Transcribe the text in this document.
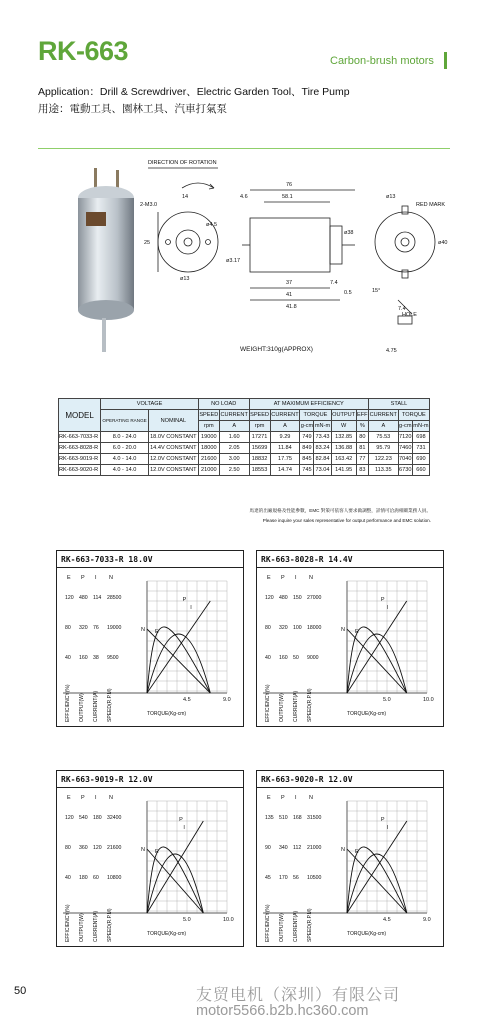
RK-663	Carbon-brush motors
Application：Drill & Screwdriver、Electric Garden Tool、Tire Pump
用途：電動工具、園林工具、汽車打氣泵
DIRECTION OF ROTATION
2-M3.0
14
ø4.5
25
ø13
76
58.1
4.6
ø3.17
37	7.4
41
41.8
ø38
0.5
ø13
RED MARK
ø40
15°
7.4
HOLE
4.75
WEIGHT:310g(APPROX)
MODEL	VOLTAGE		NO LOAD		AT MAXIMUM EFFICIENCY						STALL		
	OPERATING RANGE	NOMINAL	SPEED	CURRENT	SPEED	CURRENT	TORQUE		OUTPUT	EFF	CURRENT	TORQUE	
			rpm	A	rpm	A	g-cm	mN-m	W	%	A	g-cm	mN-m
RK-663-7033-R	8.0 - 24.0	18.0V CONSTANT	19000	1.60	17271	9.29	749	73.43	132.85	80	75.53	7120	698
RK-663-8028-R	6.0 - 20.0	14.4V CONSTANT	18000	2.05	15699	11.84	849	83.24	136.88	81	95.79	7460	731
RK-663-9019-R	4.0 - 14.0	12.0V CONSTANT	21600	3.00	18832	17.75	845	82.84	163.42	77	122.23	7040	690
RK-663-9020-R	4.0 - 14.0	12.0V CONSTANT	21000	2.50	18553	14.74	745	73.04	141.95	83	113.35	6730	660
馬達的出廠規格及性能參數，EMC 對策可依客人要求做調整，詳情可洽詢相關業務人員。
Please inquire your sales representative for output performance and EMC solution.
RK-663-7033-R 18.0V
E P I N
120 480 114 28500
80 320 76 19000
40 160 38 9500
N E
P
I
4.5	9.0
TORQUE(Kg-cm)
EFFICIENCY(%) OUTPUT(W) CURRENT(A) SPEED(R.P.M)
RK-663-8028-R 14.4V
E P I N
120 480 150 27000
80 320 100 18000
40 160 50 9000
N E
P
I
5.0	10.0
TORQUE(Kg-cm)
EFFICIENCY(%) OUTPUT(W) CURRENT(A) SPEED(R.P.M)
RK-663-9019-R 12.0V
E P I N
120 540 180 32400
80 360 120 21600
40 180 60 10800
N E
P
I
5.0	10.0
TORQUE(Kg-cm)
EFFICIENCY(%) OUTPUT(W) CURRENT(A) SPEED(R.P.M)
RK-663-9020-R 12.0V
E P I N
135 510 168 31500
90 340 112 21000
45 170 56 10500
N E
P
I
4.5	9.0
TORQUE(Kg-cm)
EFFICIENCY(%) OUTPUT(W) CURRENT(A) SPEED(R.P.M)
50	友贸电机（深圳）有限公司
motor5566.b2b.hc360.com
